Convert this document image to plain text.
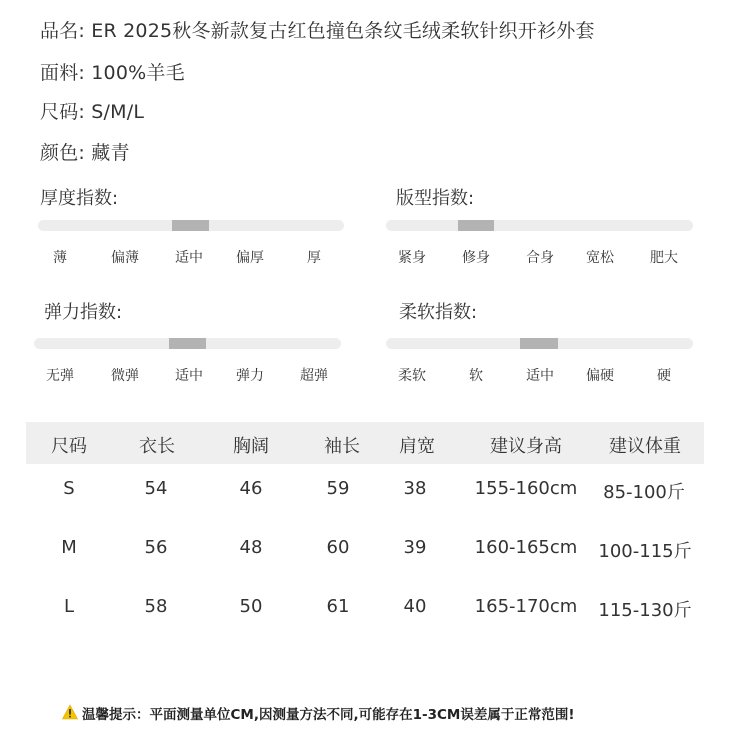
品名: ER 2025秋冬新款复古红色撞色条纹毛绒柔软针织开衫外套
面料: 100%羊毛
尺码: S/M/L
颜色: 藏青
厚度指数:
薄	偏薄	适中 偏厚	厚
版型指数:
紧身	修身	合身 宽松	肥大
弹力指数:
无弹	微弹	适中 弹力	超弹
柔软指数:
柔软	软	适中 偏硬	硬
尺码	衣长	胸阔	袖长 肩宽	建议身高	建议体重
S	54	46	59	38	155-160cm 85-100斤
M	56	48	60	39	160-165cm 100-115斤
L	58	50	61	40	165-170cm 115-130斤
温馨提示：平面测量单位CM,因测量方法不同,可能存在1-3CM误差属于正常范围!
